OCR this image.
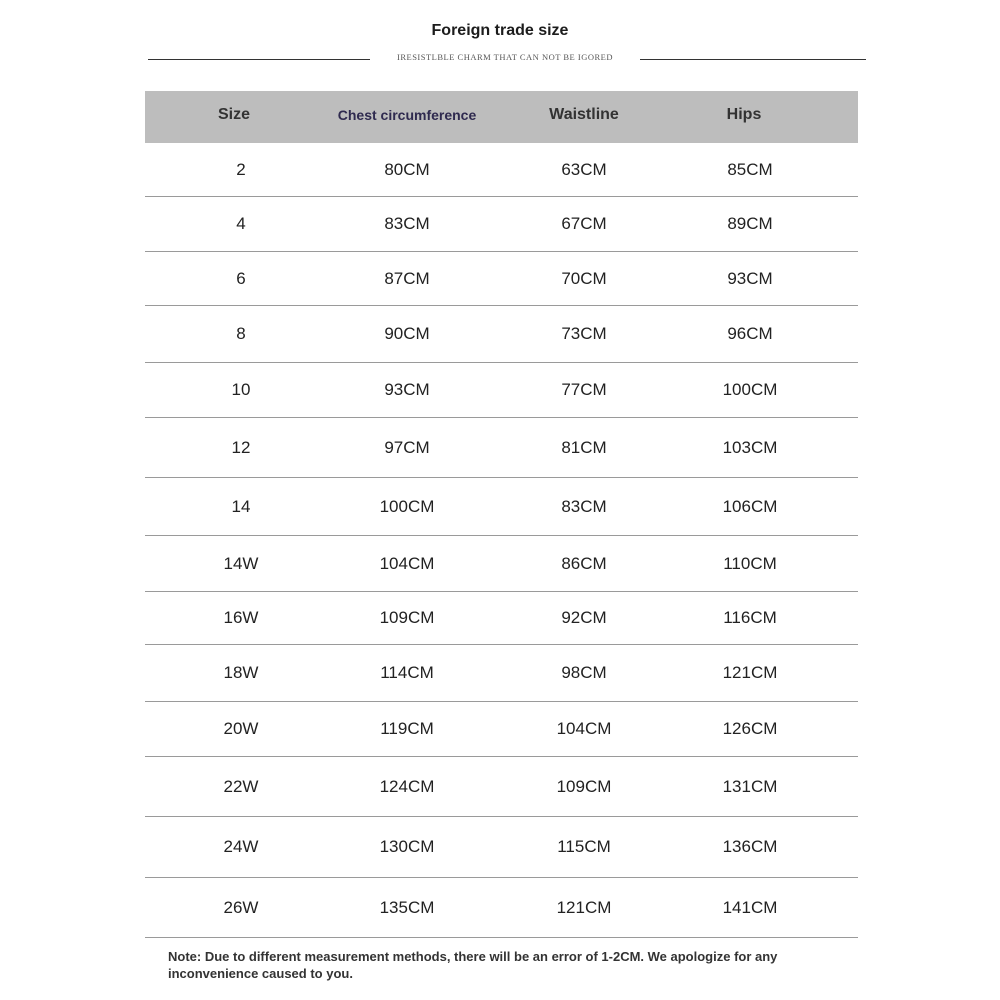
Foreign trade size
IRESISTLBLE CHARM THAT CAN NOT BE IGORED
Size	Chest circumference	Waistline	Hips
2	80CM	63CM	85CM
4	83CM	67CM	89CM
6	87CM	70CM	93CM
8	90CM	73CM	96CM
10	93CM	77CM	100CM
12	97CM	81CM	103CM
14	100CM	83CM	106CM
14W	104CM	86CM	110CM
16W	109CM	92CM	116CM
18W	114CM	98CM	121CM
20W	119CM	104CM	126CM
22W	124CM	109CM	131CM
24W	130CM	115CM	136CM
26W	135CM	121CM	141CM
Note: Due to different measurement methods, there will be an error of 1-2CM. We apologize for any inconvenience caused to you.
